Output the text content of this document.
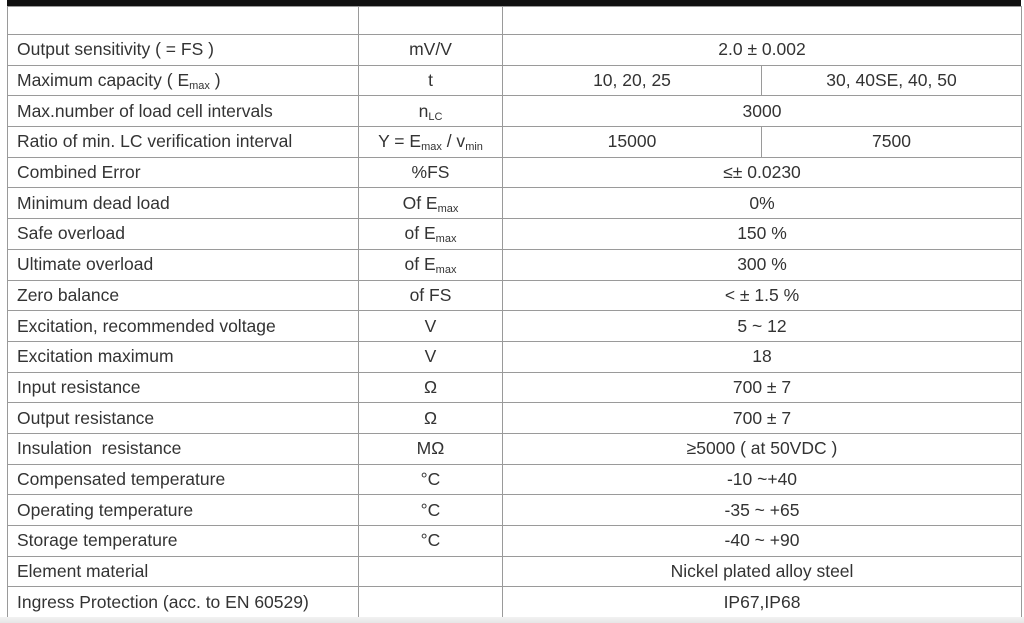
Output sensitivity ( = FS )	mV/V	2.0 ± 0.002	
Maximum capacity ( $E_{max}$ )	t	10, 20, 25	30, 40SE, 40, 50
Max.number of load cell intervals	$n_{LC}$	3000	
Ratio of min. LC verification interval	$Y = E_{max} / v_{min}$	15000	7500
Combined Error	%FS	≤± 0.0230	
Minimum dead load	Of $E_{max}$	0%	
Safe overload	of $E_{max}$	150 %	
Ultimate overload	of $E_{max}$	300 %	
Zero balance	of FS	< ± 1.5 %	
Excitation, recommended voltage	V	5 ~ 12	
Excitation maximum	V	18	
Input resistance	Ω	700 ± 7	
Output resistance	Ω	700 ± 7	
Insulation  resistance	MΩ	≥5000 ( at 50VDC )	
Compensated temperature	°C	-10 ~+40	
Operating temperature	°C	-35 ~ +65	
Storage temperature	°C	-40 ~ +90	
Element material		Nickel plated alloy steel	
Ingress Protection (acc. to EN 60529)		IP67,IP68	
